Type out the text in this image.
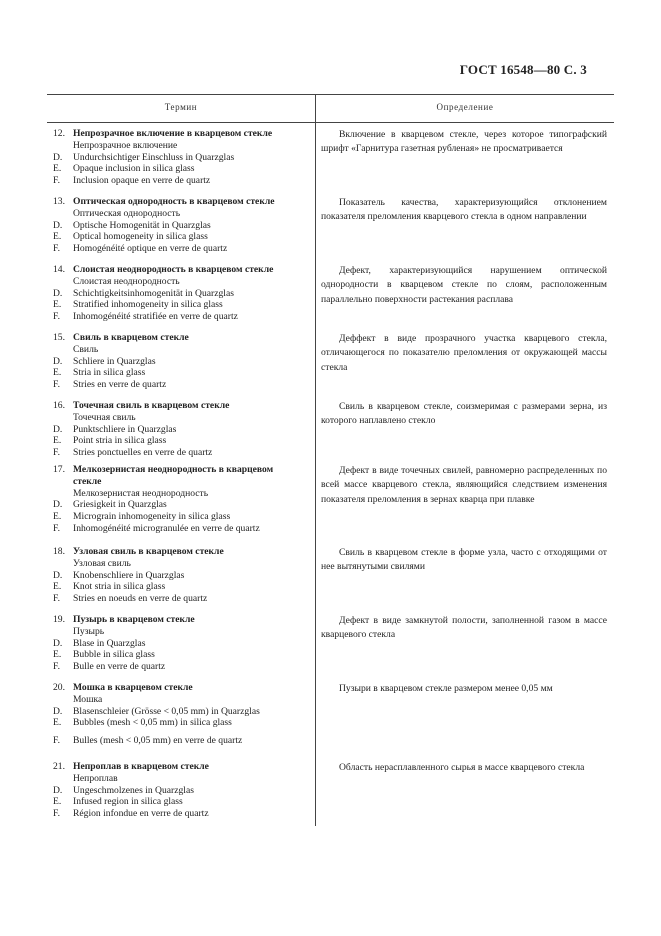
ГОСТ 16548—80 С. 3
Термин	Определение
12. Непрозрачное включение в кварцевом стекле
Непрозрачное включение
D.	Undurchsichtiger Einschluss in Quarzglas
E.	Opaque inclusion in silica glass
F.	Inclusion opaque en verre de quartz
Включение в кварцевом стекле, через которое типографский шрифт «Гарнитура газетная рубленая» не просматривается
13. Оптическая однородность в кварцевом стекле
Оптическая однородность
D.	Optische Homogenität in Quarzglas
E.	Optical homogeneity in silica glass
F.	Homogénéité optique en verre de quartz
Показатель качества, характеризующийся отклонением показателя преломления кварцевого стекла в одном направлении
14. Слоистая неоднородность в кварцевом стекле
Слоистая неоднородность
D.	Schichtigkeitsinhomogenität in Quarzglas
E.	Stratified inhomogeneity in silica glass
F.	Inhomogénéité stratifiée en verre de quartz
Дефект, характеризующийся нарушением оптической однородности в кварцевом стекле по слоям, расположенным параллельно поверхности растекания расплава
15. Свиль в кварцевом стекле
Свиль
D.	Schliere in Quarzglas
E.	Stria in silica glass
F.	Stries en verre de quartz
Деффект в виде прозрачного участка кварцевого стекла, отличающегося по показателю преломления от окружающей массы стекла
16. Точечная свиль в кварцевом стекле
Точечная свиль
D.	Punktschliere in Quarzglas
E.	Point stria in silica glass
F.	Stries ponctuelles en verre de quartz
Свиль в кварцевом стекле, соизмеримая с размерами зерна, из которого наплавлено стекло
17. Мелкозернистая неоднородность в кварцевом
стекле
Мелкозернистая неоднородность
D.	Griesigkeit in Quarzglas
E.	Micrograin inhomogeneity in silica glass
F.	Inhomogénéité microgranulée en verre de quartz
Дефект в виде точечных свилей, равномерно распределенных по всей массе кварцевого стекла, являющийся следствием изменения показателя преломления в зернах кварца при плавке
18. Узловая свиль в кварцевом стекле
Узловая свиль
D.	Knobenschliere in Quarzglas
E.	Knot stria in silica glass
F.	Stries en noeuds en verre de quartz
Свиль в кварцевом стекле в форме узла, часто с отходящими от нее вытянутыми свилями
19. Пузырь в кварцевом стекле
Пузырь
D.	Blase in Quarzglas
E.	Bubble in silica glass
F.	Bulle en verre de quartz
Дефект в виде замкнутой полости, заполненной газом в массе кварцевого стекла
20. Мошка в кварцевом стекле
Мошка
D.	Blasenschleier (Grösse < 0,05 mm) in Quarzglas
E.	Bubbles (mesh < 0,05 mm) in silica glass
F.	Bulles (mesh < 0,05 mm) en verre de quartz
Пузыри в кварцевом стекле размером менее 0,05 мм
21. Непроплав в кварцевом стекле
Непроплав
D.	Ungeschmolzenes in Quarzglas
E.	Infused region in silica glass
F.	Région infondue en verre de quartz
Область нерасплавленного сырья в массе кварцевого стекла
